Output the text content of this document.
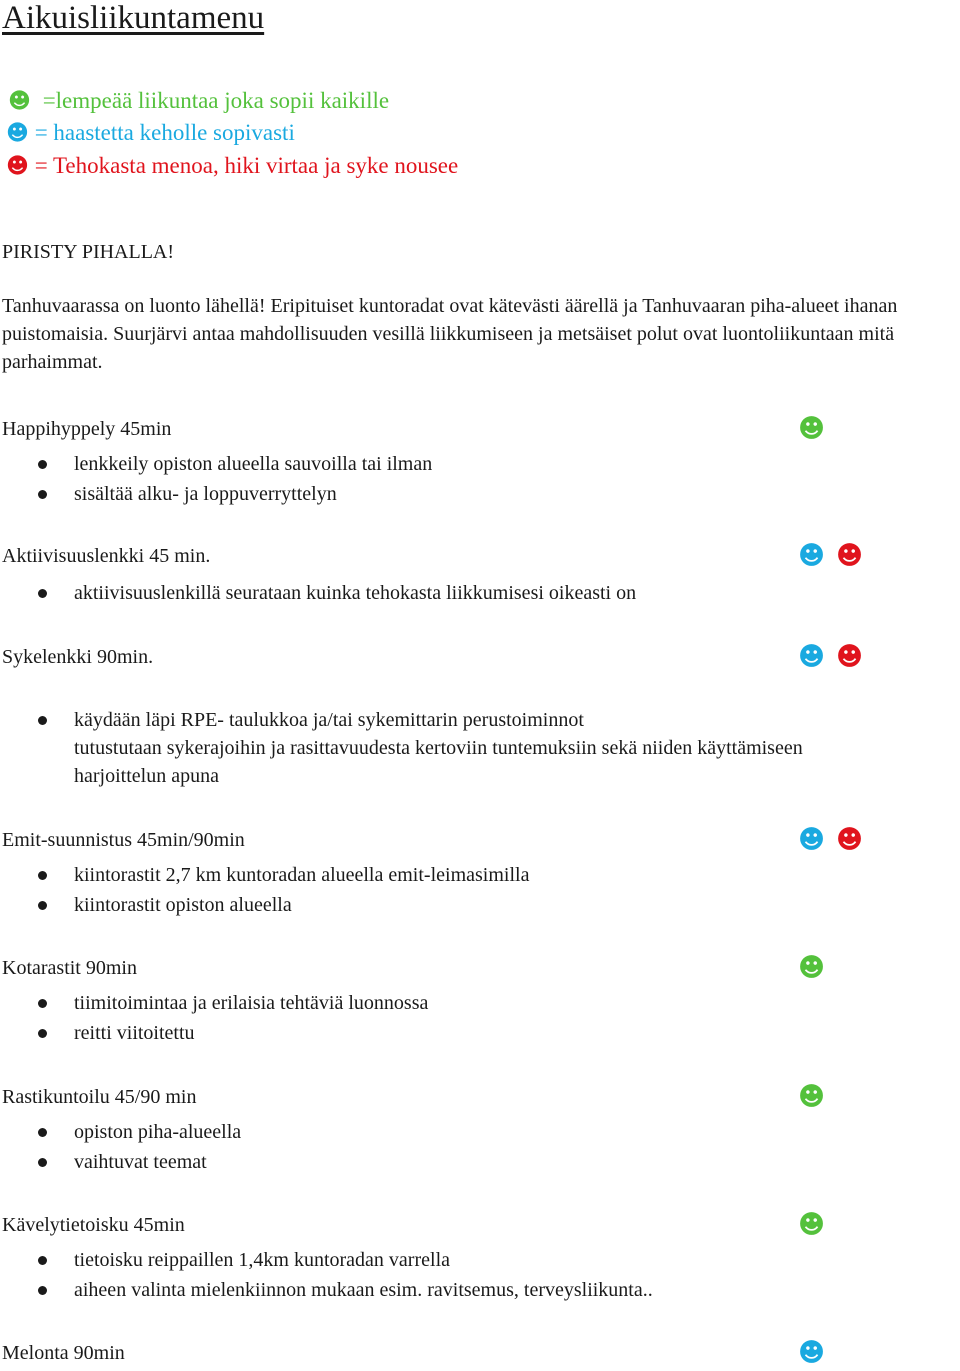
Aikuisliikuntamenu
☻ =lempeää liikuntaa joka sopii kaikille
☻ = haastetta keholle sopivasti
☻ = Tehokasta menoa, hiki virtaa ja syke nousee
PIRISTY PIHALLA!

Tanhuvaarassa on luonto lähellä! Eripituiset kuntoradat ovat kätevästi äärellä ja Tanhuvaaran piha-alueet ihanan puistomaisia. Suurjärvi antaa mahdollisuuden vesillä liikkumiseen ja metsäiset polut ovat luontoliikuntaan mitä parhaimmat.

Happihyppely 45min	☻
lenkkeily opiston alueella sauvoilla tai ilman
sisältää alku- ja loppuverryttelyn
Aktiivisuuslenkki 45 min.	☻ ☻
aktiivisuuslenkillä seurataan kuinka tehokasta liikkumisesi oikeasti on
Sykelenkki 90min.	☻ ☻
käydään läpi RPE- taulukkoa ja/tai sykemittarin perustoiminnot
tutustutaan sykerajoihin ja rasittavuudesta kertoviin tuntemuksiin sekä niiden käyttämiseen
harjoittelun apuna
Emit-suunnistus 45min/90min	☻ ☻
kiintorastit 2,7 km kuntoradan alueella emit-leimasimilla
kiintorastit opiston alueella
Kotarastit 90min	☻
tiimitoimintaa ja erilaisia tehtäviä luonnossa
reitti viitoitettu
Rastikuntoilu 45/90 min	☻
opiston piha-alueella
vaihtuvat teemat
Kävelytietoisku 45min	☻
tietoisku reippaillen 1,4km kuntoradan varrella
aiheen valinta mielenkiinnon mukaan esim. ravitsemus, terveysliikunta..
Melonta 90min	☻
